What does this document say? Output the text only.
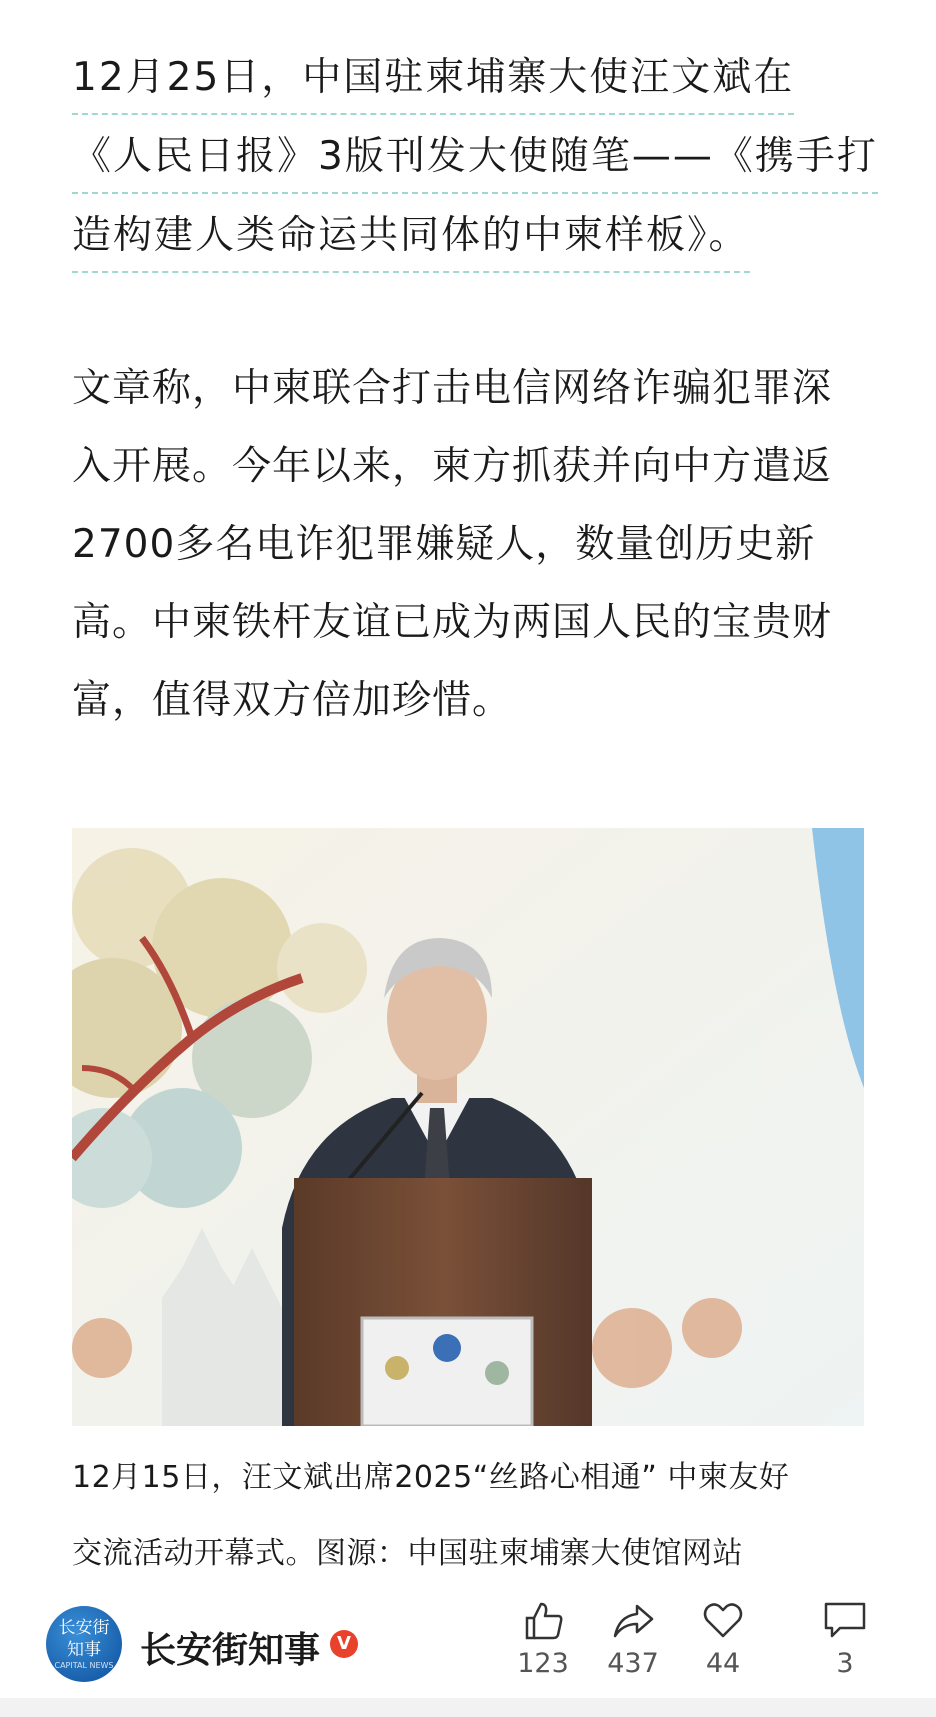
12月25日，中国驻柬埔寨大使汪文斌在

《人民日报》3版刊发大使随笔——《携手打

造构建人类命运共同体的中柬样板》。

文章称，中柬联合打击电信网络诈骗犯罪深

入开展。今年以来，柬方抓获并向中方遣返

2700多名电诈犯罪嫌疑人，数量创历史新

高。中柬铁杆友谊已成为两国人民的宝贵财

富，值得双方倍加珍惜。

12月15日，汪文斌出席2025“丝路心相通” 中柬友好

交流活动开幕式。图源：中国驻柬埔寨大使馆网站

长安街
知事
CAPITAL NEWS 长安街知事 V
123	437	44	3
